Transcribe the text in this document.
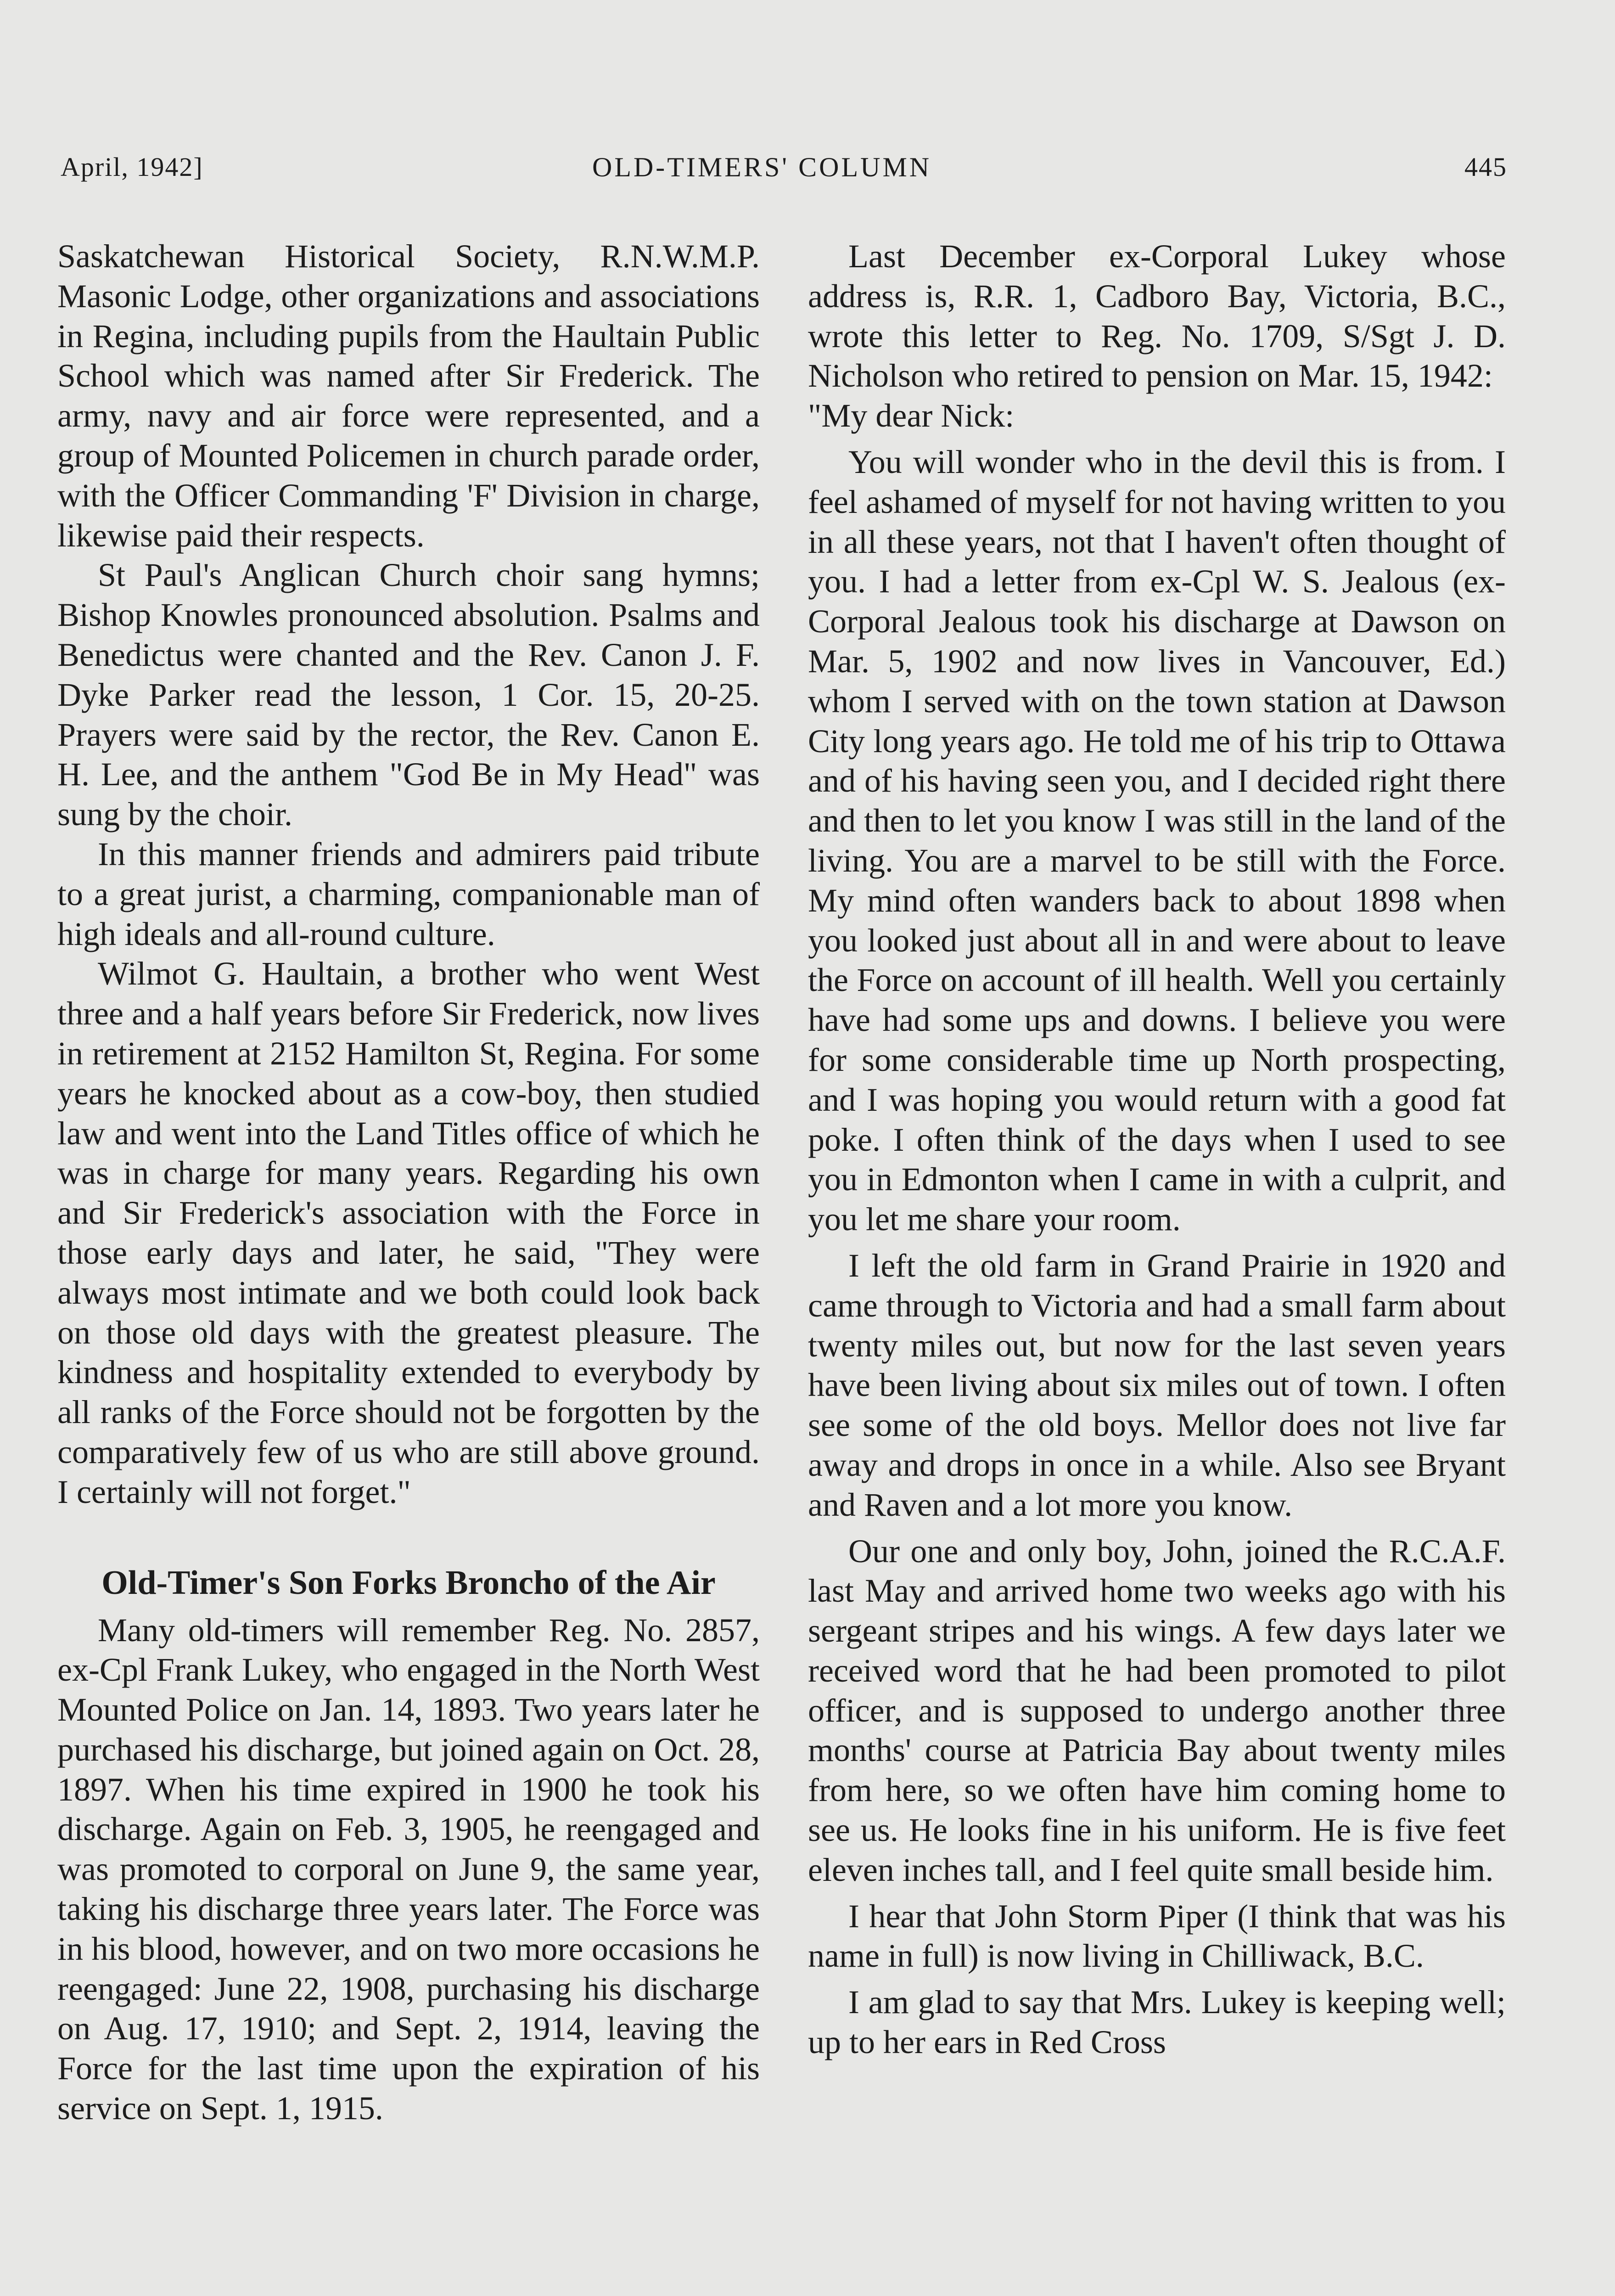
April, 1942]	OLD-TIMERS' COLUMN	445

Saskatchewan Historical Society, R.N.W.M.P. Masonic Lodge, other organizations and associations in Regina, including pupils from the Haultain Public School which was named after Sir Frederick. The army, navy and air force were represented, and a group of Mounted Policemen in church parade order, with the Officer Commanding 'F' Division in charge, likewise paid their respects.

St Paul's Anglican Church choir sang hymns; Bishop Knowles pronounced absolution. Psalms and Benedictus were chanted and the Rev. Canon J. F. Dyke Parker read the lesson, 1 Cor. 15, 20-25. Prayers were said by the rector, the Rev. Canon E. H. Lee, and the anthem "God Be in My Head" was sung by the choir.

In this manner friends and admirers paid tribute to a great jurist, a charming, companionable man of high ideals and all-round culture.

Wilmot G. Haultain, a brother who went West three and a half years before Sir Frederick, now lives in retirement at 2152 Hamilton St, Regina. For some years he knocked about as a cow-boy, then studied law and went into the Land Titles office of which he was in charge for many years. Regarding his own and Sir Frederick's association with the Force in those early days and later, he said, "They were always most intimate and we both could look back on those old days with the greatest pleasure. The kindness and hospitality extended to everybody by all ranks of the Force should not be forgotten by the comparatively few of us who are still above ground. I certainly will not forget."

Old-Timer's Son Forks Broncho of the Air

Many old-timers will remember Reg. No. 2857, ex-Cpl Frank Lukey, who engaged in the North West Mounted Police on Jan. 14, 1893. Two years later he purchased his discharge, but joined again on Oct. 28, 1897. When his time expired in 1900 he took his discharge. Again on Feb. 3, 1905, he reengaged and was promoted to corporal on June 9, the same year, taking his discharge three years later. The Force was in his blood, however, and on two more occasions he reengaged: June 22, 1908, purchasing his discharge on Aug. 17, 1910; and Sept. 2, 1914, leaving the Force for the last time upon the expiration of his service on Sept. 1, 1915.

Last December ex-Corporal Lukey whose address is, R.R. 1, Cadboro Bay, Victoria, B.C., wrote this letter to Reg. No. 1709, S/Sgt J. D. Nicholson who retired to pension on Mar. 15, 1942:

"My dear Nick:

You will wonder who in the devil this is from. I feel ashamed of myself for not having written to you in all these years, not that I haven't often thought of you. I had a letter from ex-Cpl W. S. Jealous (ex-Corporal Jealous took his discharge at Dawson on Mar. 5, 1902 and now lives in Vancouver, Ed.) whom I served with on the town station at Dawson City long years ago. He told me of his trip to Ottawa and of his having seen you, and I decided right there and then to let you know I was still in the land of the living. You are a marvel to be still with the Force. My mind often wanders back to about 1898 when you looked just about all in and were about to leave the Force on account of ill health. Well you certainly have had some ups and downs. I believe you were for some considerable time up North prospecting, and I was hoping you would return with a good fat poke. I often think of the days when I used to see you in Edmonton when I came in with a culprit, and you let me share your room.

I left the old farm in Grand Prairie in 1920 and came through to Victoria and had a small farm about twenty miles out, but now for the last seven years have been living about six miles out of town. I often see some of the old boys. Mellor does not live far away and drops in once in a while. Also see Bryant and Raven and a lot more you know.

Our one and only boy, John, joined the R.C.A.F. last May and arrived home two weeks ago with his sergeant stripes and his wings. A few days later we received word that he had been promoted to pilot officer, and is supposed to undergo another three months' course at Patricia Bay about twenty miles from here, so we often have him coming home to see us. He looks fine in his uniform. He is five feet eleven inches tall, and I feel quite small beside him.

I hear that John Storm Piper (I think that was his name in full) is now living in Chilliwack, B.C.

I am glad to say that Mrs. Lukey is keeping well; up to her ears in Red Cross
